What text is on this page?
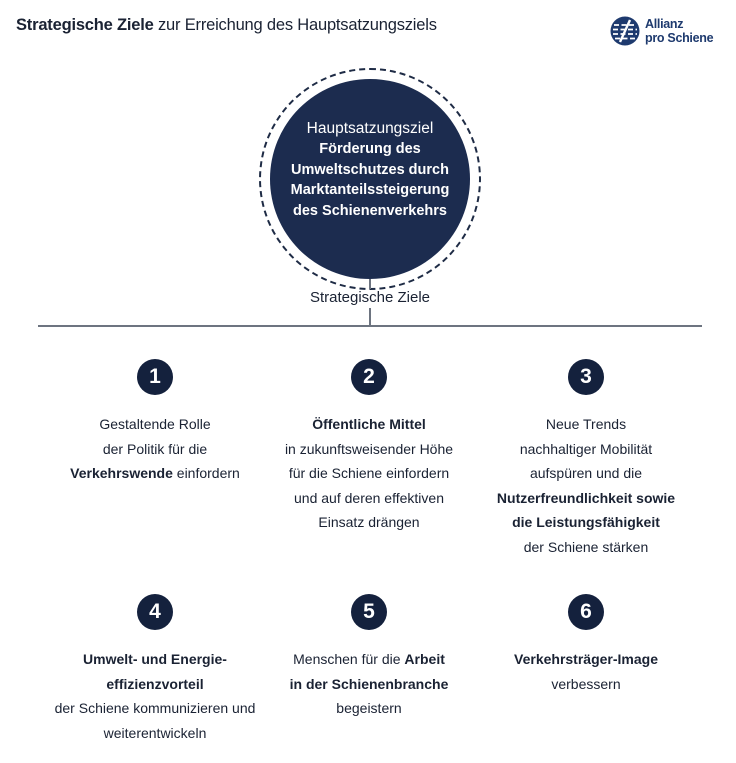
Strategische Ziele zur Erreichung des Hauptsatzungsziels	Allianz
pro Schiene
Hauptsatzungsziel
Förderung des
Umweltschutzes durch
Marktanteilssteigerung
des Schienenverkehrs
Strategische Ziele
1
Gestaltende Rolle
der Politik für die
Verkehrswende einfordern
2
Öffentliche Mittel
in zukunftsweisender Höhe
für die Schiene einfordern
und auf deren effektiven
Einsatz drängen
3
Neue Trends
nachhaltiger Mobilität
aufspüren und die
Nutzerfreundlichkeit sowie
die Leistungsfähigkeit
der Schiene stärken
4
Umwelt- und Energie-
effizienzvorteil
der Schiene kommunizieren und
weiterentwickeln
5
Menschen für die Arbeit
in der Schienenbranche
begeistern
6
Verkehrsträger-Image
verbessern
